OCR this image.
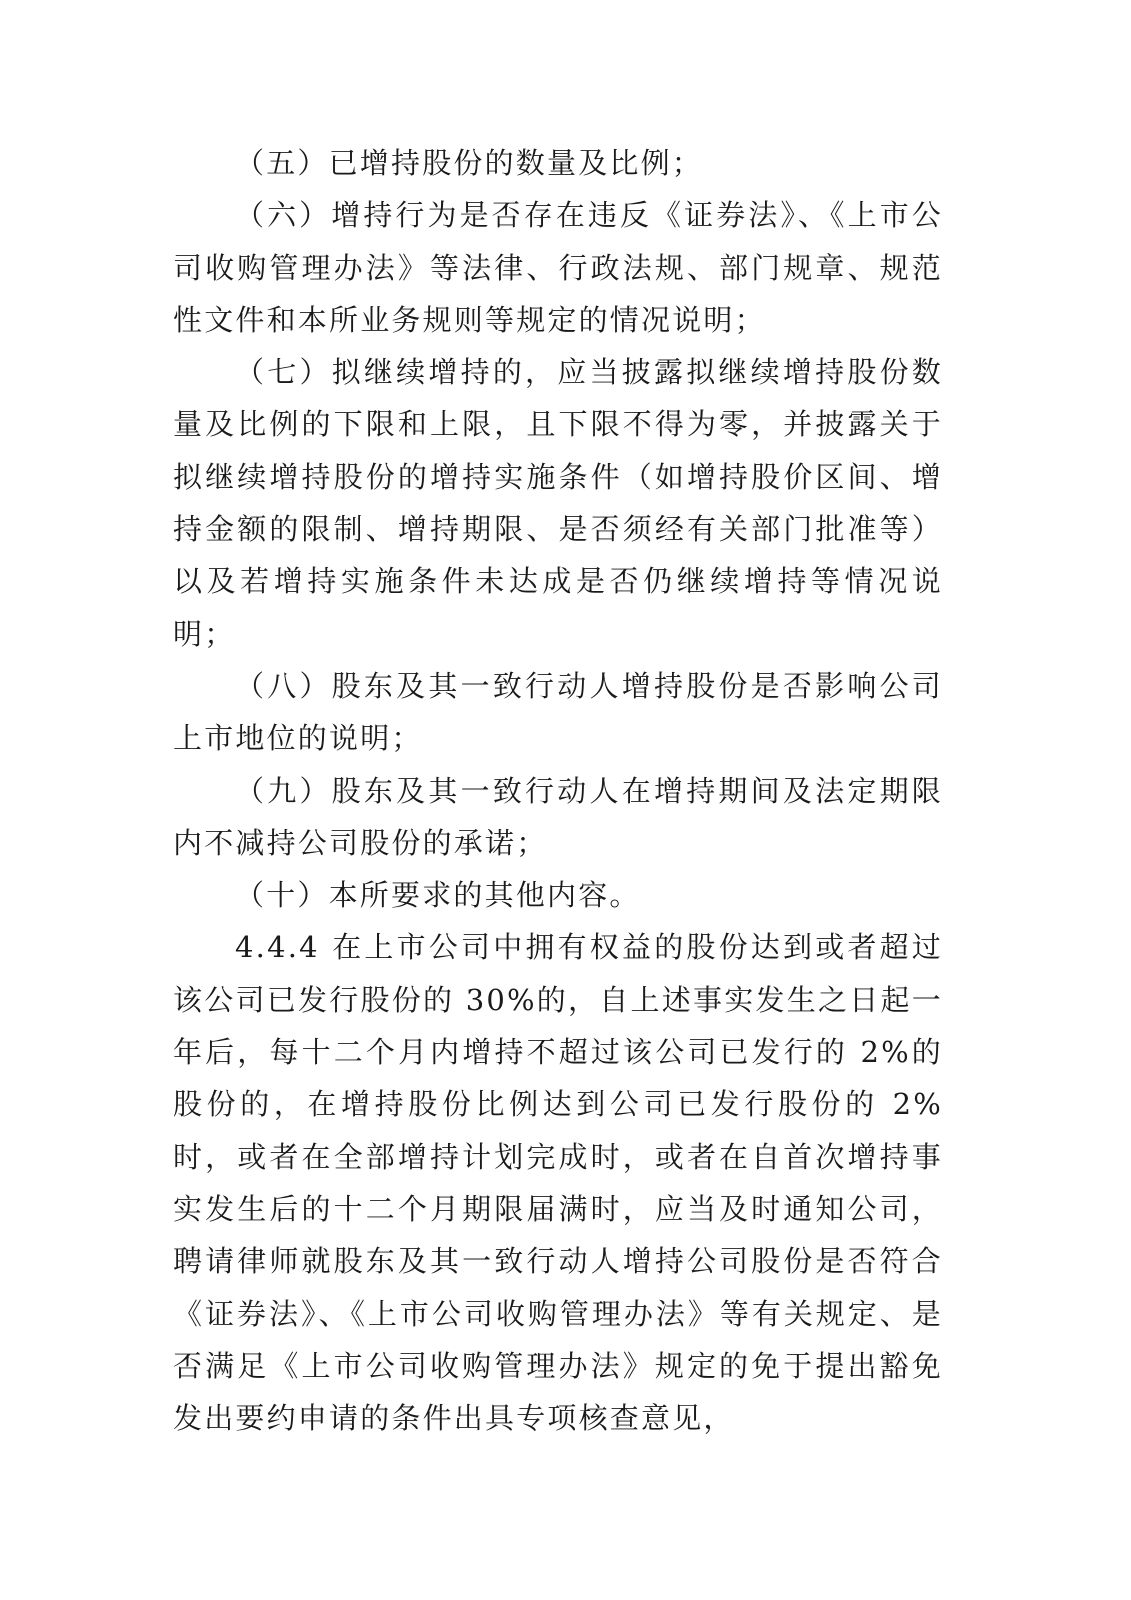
（五）已增持股份的数量及比例；

（六）增持行为是否存在违反《证券法》、《上市公司收购管理办法》等法律、行政法规、部门规章、规范性文件和本所业务规则等规定的情况说明；

（七）拟继续增持的，应当披露拟继续增持股份数量及比例的下限和上限，且下限不得为零，并披露关于拟继续增持股份的增持实施条件（如增持股价区间、增持金额的限制、增持期限、是否须经有关部门批准等）以及若增持实施条件未达成是否仍继续增持等情况说明；

（八）股东及其一致行动人增持股份是否影响公司上市地位的说明；

（九）股东及其一致行动人在增持期间及法定期限内不减持公司股份的承诺；

（十）本所要求的其他内容。

4.4.4 在上市公司中拥有权益的股份达到或者超过该公司已发行股份的 30%的，自上述事实发生之日起一年后，每十二个月内增持不超过该公司已发行的 2%的股份的，在增持股份比例达到公司已发行股份的 2%时，或者在全部增持计划完成时，或者在自首次增持事实发生后的十二个月期限届满时，应当及时通知公司，聘请律师就股东及其一致行动人增持公司股份是否符合《证券法》、《上市公司收购管理办法》等有关规定、是否满足《上市公司收购管理办法》规定的免于提出豁免发出要约申请的条件出具专项核查意见，
